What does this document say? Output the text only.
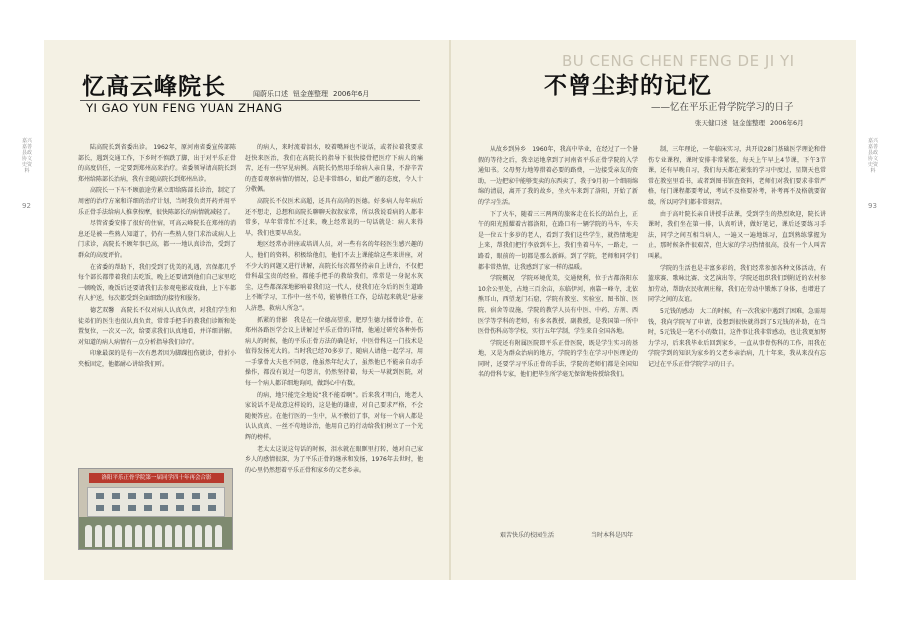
嘉兴嘉善县政协文史资料
92
嘉兴嘉善县政协文史资料
93
忆高云峰院长	闻蔚乐口述 钮金莲整理 2006年6月
YI GAO YUN FENG YUAN ZHANG

陆高院长到省委出诊。 1962年，原河南省委宣传部陈部长，遇到交通工作，下乡时不慎跌了脚，出于对平乐正骨的高度信任，一定要到郑州高来治疗。省委领导请高院长到郑州给陈部长治病，我有幸随高院长到郑州出诊。

高院长一下车不顾旅途劳累立即给陈部长诊治，制定了周密的治疗方案和详细的治疗计划，当时我负责开药并用平乐正骨手法给病人推拿按摩，很快陈部长的病情就减轻了。

尽管省委安排了很好的住宿，可高云峰院长在郑州的消息还是被一些熟人知道了，仍有一些熟人登门求治或病人上门求诊，高院长不顾年事已高，都一一地认真诊治，受到了群众的高度评价。

在省委的帮助下，我们受到了优美的礼遇，宫保都几乎每个部长都带着我们去吃饭，晚上还要请到他们自己家里吃一顿晚饭，晚饭后还要请我们去参观电影或戏曲，上下车都有人护送，每次都受到全面细致的接待和服务。

德艺双馨　高院长不仅对病人认真负责，对我们学生和徒弟们的医生也很认真负责，常常手把手的教我们诊断和处置复位，一次又一次，给要求我们认真地看，并详细讲解。对知道的病人病情有一点分析指导我们诊疗。

印象最深的是有一次有患者因为脚踝扭伤就诊，骨折小夹板固定，他都耐心讲给我们听。

洛阳平乐正骨学院第一届同学四十年再会合影

的病人，来时流着泪水，咬着嘴唇也不说话，或者拉着我要求赶快来医治，我们在高院长的指导下很快接骨把医疗下病人的痛苦，还有一些罕见病例。高院长仍然用手给病人亲自量，不辞辛苦的查看观察病情的情况，总是非常细心，如此严谨的态度，令人十分敬佩。

高院长不仅医术高超，还具有高尚的医德。好多病人每年病后还不想走，总想和高院长聊聊天叙叙家常，所以我说看病的人都非常多，早年常常忙不过来，晚上经常说的一句话就是：病人来得早，我们也要早出发。

地区经常办讲座或培训人员，对一些有名的年轻医生感兴趣的人，他们的资料，积极给他们，他们不去上课能给这些来讲座，对不少大的问题又进行讲解，高院长每次都坚持亲自上讲台，不仅把骨科最宝贵的经验，都能手把手的教给我们，常常是一身泥水灰尘，这些都深深地影响着我们这一代人，使我们在今后的医生道路上不断学习，工作中一丝不苟，能够胜任工作，总结起来就是“悬壶人济患，救病人所急”。

抓紧的背影　我是在一位德高望重，肥厚生德力揉骨诊骨，在郑州各路医学会议上讲解过平乐正骨的详情，他通过研究各种外伤病人的时候，他的平乐正骨方法的确是好，中医骨科这一门技术是值得发扬光大的。当时我已经70多岁了，随病人请他一起学习，用一手掌骨大夫也不同意，他虽然年纪大了，虽然他已不能亲自动手操作，都没有说过一句怨言，仍然坚持着，每天一早就到医院，对每一个病人都详细地询问，做到心中有数。

的病，地只能完全地说“我不能看啊”。后来我才明白，地老人家说话不是故意这样说的，这是他的谦虚，对自己要求严格，不会随便答应。在他行医的一生中，从不敷衍了事，对每一个病人都是认认真真、一丝不苟地诊治，他用自己的行动给我们树立了一个光辉的榜样。

老太太这说这句话的时候，泪水就在眼眶里打转，她对自己家乡人的感情很深，为了平乐正骨的继承和发扬，1976年去世时，他的心里仍然想着平乐正骨和家乡的父老乡亲。

BU CENG CHEN FENG DE JI YI
不曾尘封的记忆
——忆在平乐正骨学院学习的日子
张天健口述 钮金莲整理 2006年6月

从故乡到异乡　1960年，我高中毕业，在经过了一个暑假的等待之后，我幸运地拿到了河南省平乐正骨学院的入学通知书。父母努力地筹措着必要的路费，一边接受亲友的资助，一边把家中能够变卖的东西卖了，我于9月初一个细雨绵绵的清晨，离开了我的故乡，坐火车来到了洛阳，开始了新的学习生活。

下了火车，随着三三两两的旅客走在长长的站台上，正午的阳光照耀着古都洛阳，在路口有一辆学院的马车，车夫是一位五十多岁的老人，看到了我们这些学生，就热情地迎上来，帮我们把行李放到车上，我们坐着马车，一路走，一路看，眼前的一切都是那么新鲜。到了学院，老师和同学们都非常热情，让我感到了家一样的温暖。

学院概况　学院环境优美，交通便利，位于古都洛阳东10余公里处，占地三百余亩，东临伊河，南靠一峰寺，北依熊耳山，西望龙门石窟，学院有教室、实验室、图书馆、医院、宿舍等设施，学院的教学人员有中医、中药、方剂、西医学等学科的老师，有多名教授、副教授，是我国第一所中医骨伤科高等学校，实行五年学制，学生来自全国各地。

学院还有附属医院即平乐正骨医院，既是学生实习的基地，又是为群众治病的地方，学院的学生在学习中医理论的同时，还要学习平乐正骨的手法，学院的老师们都是全国知名的骨科专家，他们把毕生所学毫无保留地传授给我们。

制，三年理论，一年临床实习，共开设28门基础医学理论和骨伤专业课程，课时安排非常紧张，每天上午早上4节课，下午3节课，还有早晚自习，我们每天都在紧张的学习中度过，星期天也常常在教室里看书，或者到图书馆查资料，老师们对我们要求非常严格，每门课程都要考试，考试不及格要补考，补考再不及格就要留级，所以同学们都非常刻苦。

由于高叶院长亲自讲授手法课，受到学生的热烈欢迎，院长讲课时，我们坐在第一排，认真听讲，做好笔记，课后还要练习手法，同学之间互相当病人，一遍又一遍地练习，直到熟练掌握为止，那时候条件很艰苦，但大家的学习热情很高，没有一个人叫苦叫累。

学院的生活也是丰富多彩的，我们经常参加各种文体活动，有篮球赛、歌咏比赛、文艺演出等，学院还组织我们到附近的农村参加劳动，帮助农民收割庄稼，我们在劳动中锻炼了身体，也增进了同学之间的友谊。

5元钱的感动　大二的时候，有一次我家中遇到了困难，急需用钱，我向学院写了申请，没想到很快就得到了5元钱的补助，在当时，5元钱是一笔不小的数目，这件事让我非常感动，也让我更加努力学习，后来我毕业后回到家乡，一直从事骨伤科的工作，用我在学院学到的知识为家乡的父老乡亲治病，几十年来，我从来没有忘记过在平乐正骨学院学习的日子。

艰苦快乐的校园生活	当时本科是四年
